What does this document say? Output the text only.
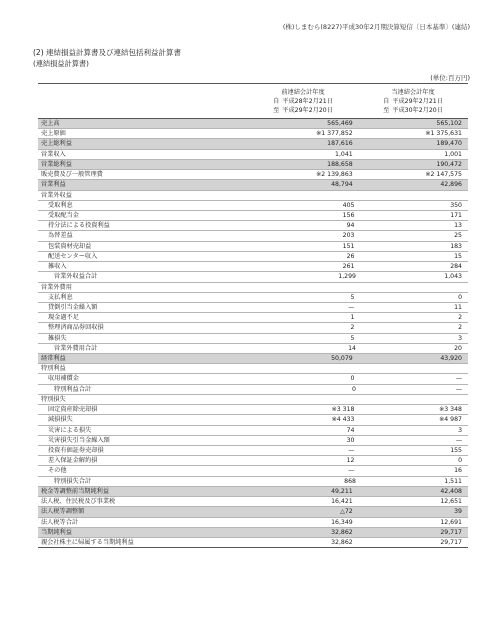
(株)しまむら(8227)平成30年2月期決算短信〔日本基準〕(連結)
(2) 連結損益計算書及び連結包括利益計算書
(連結損益計算書)
(単位:百万円)
前連結会計年度
自
至
平成28年2月21日
平成29年2月20日
当連結会計年度
自
至
平成29年2月21日
平成30年2月20日
売上高	565,469	565,102
売上原価	※1 377,852	※1 375,631
売上総利益	187,616	189,470
営業収入	1,041	1,001
営業総利益	188,658	190,472
販売費及び一般管理費	※2 139,863	※2 147,575
営業利益	48,794	42,896
営業外収益
受取利息	405	350
受取配当金	156	171
持分法による投資利益	94	13
為替差益	203	25
包装資材売却益	151	183
配送センター収入	26	15
雑収入	261	284
営業外収益合計	1,299	1,043
営業外費用
支払利息	5	0
貸倒引当金繰入額	—	11
現金過不足	1	2
整理済商品券回収損	2	2
雑損失	5	3
営業外費用合計	14	20
経常利益	50,079	43,920
特別利益
収用補償金	0	—
特別利益合計	0	—
特別損失
固定資産除売却損	※3 318	※3 348
減損損失	※4 433	※4 987
災害による損失	74	3
災害損失引当金繰入額	30	—
投資有価証券売却損	—	155
差入保証金解約損	12	0
その他	—	16
特別損失合計	868	1,511
税金等調整前当期純利益	49,211	42,408
法人税、住民税及び事業税	16,421	12,651
法人税等調整額	△72	39
法人税等合計	16,349	12,691
当期純利益	32,862	29,717
親会社株主に帰属する当期純利益	32,862	29,717
